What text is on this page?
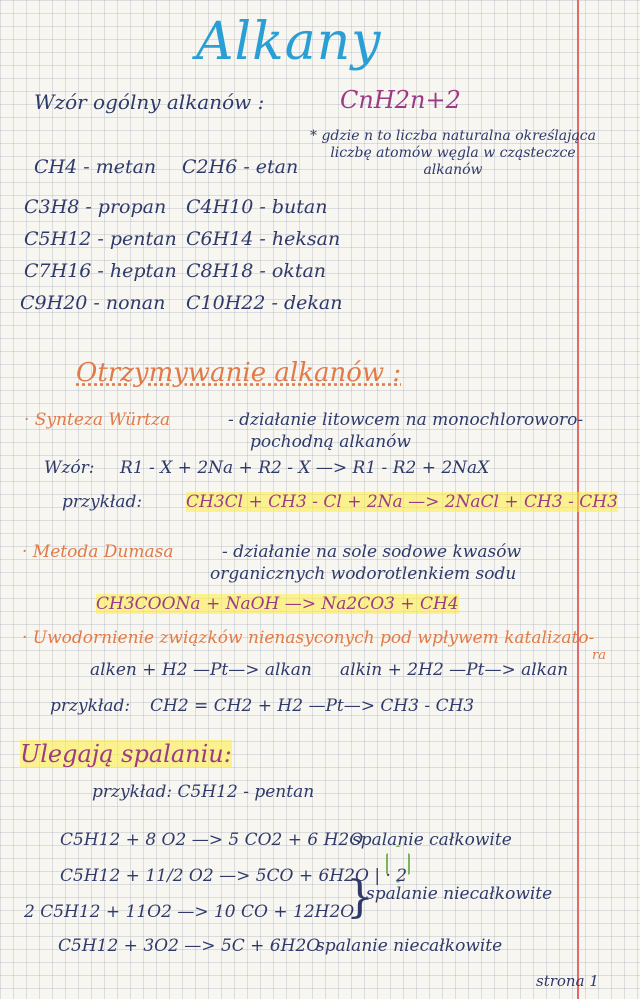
Alkany
Wzór ogólny alkanów :	CnH2n+2
* gdzie n to liczba naturalna określająca liczbę atomów węgla w cząsteczce alkanów
CH4 - metan C2H6 - etan
C3H8 - propan C4H10 - butan
C5H12 - pentan C6H14 - heksan
C7H16 - heptan C8H18 - oktan
C9H20 - nonan C10H22 - dekan
Otrzymywanie alkanów :
· Synteza Würtza	- działanie litowcem na monochloroworo-
pochodną alkanów
Wzór: R1 - X + 2Na + R2 - X —> R1 - R2 + 2NaX
przykład:	CH3Cl + CH3 - Cl + 2Na —> 2NaCl + CH3 - CH3
· Metoda Dumasa	- działanie na sole sodowe kwasów
organicznych wodorotlenkiem sodu
CH3COONa + NaOH —> Na2CO3 + CH4
· Uwodornienie związków nienasyconych pod wpływem katalizato-
ra
alken + H2 —Pt—> alkan alkin + 2H2 —Pt—> alkan
przykład: CH2 = CH2 + H2 —Pt—> CH3 - CH3
Ulegają spalaniu:
przykład: C5H12 - pentan
C5H12 + 8 O2 —> 5 CO2 + 6 H2O
spalanie całkowite
C5H12 + 11/2 O2 —> 5CO + 6H2O | · 2
}
spalanie niecałkowite
2 C5H12 + 11O2 —> 10 CO + 12H2O
C5H12 + 3O2 —> 5C + 6H2O
spalanie niecałkowite
strona 1
